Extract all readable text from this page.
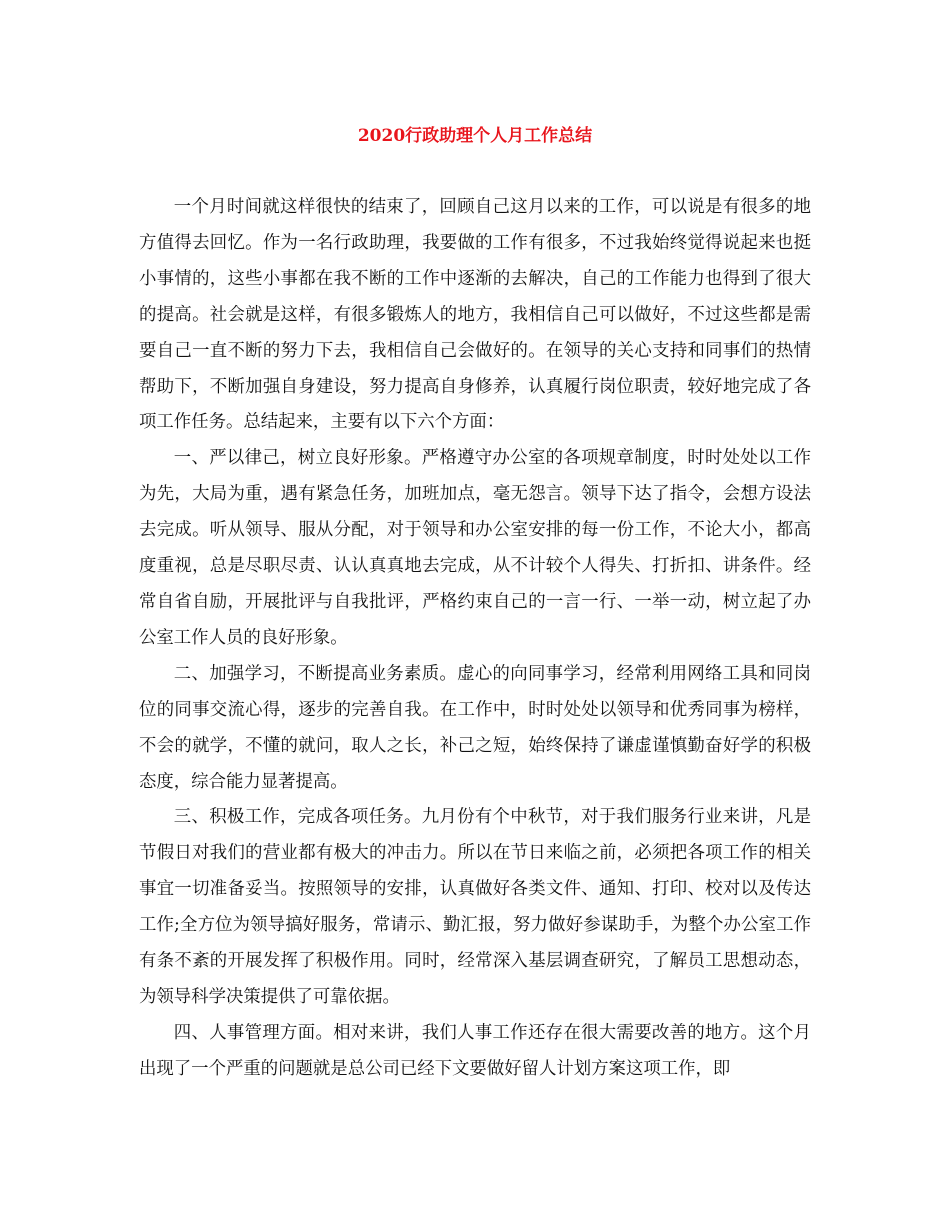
2020行政助理个人月工作总结

一个月时间就这样很快的结束了，回顾自己这月以来的工作，可以说是有很多的地方值得去回忆。作为一名行政助理，我要做的工作有很多，不过我始终觉得说起来也挺小事情的，这些小事都在我不断的工作中逐渐的去解决，自己的工作能力也得到了很大的提高。社会就是这样，有很多锻炼人的地方，我相信自己可以做好，不过这些都是需要自己一直不断的努力下去，我相信自己会做好的。在领导的关心支持和同事们的热情帮助下，不断加强自身建设，努力提高自身修养，认真履行岗位职责，较好地完成了各项工作任务。总结起来，主要有以下六个方面：

一、严以律己，树立良好形象。严格遵守办公室的各项规章制度，时时处处以工作为先，大局为重，遇有紧急任务，加班加点，毫无怨言。领导下达了指令，会想方设法去完成。听从领导、服从分配，对于领导和办公室安排的每一份工作，不论大小，都高度重视，总是尽职尽责、认认真真地去完成，从不计较个人得失、打折扣、讲条件。经常自省自励，开展批评与自我批评，严格约束自己的一言一行、一举一动，树立起了办公室工作人员的良好形象。

二、加强学习，不断提高业务素质。虚心的向同事学习，经常利用网络工具和同岗位的同事交流心得，逐步的完善自我。在工作中，时时处处以领导和优秀同事为榜样，不会的就学，不懂的就问，取人之长，补己之短，始终保持了谦虚谨慎勤奋好学的积极态度，综合能力显著提高。

三、积极工作，完成各项任务。九月份有个中秋节，对于我们服务行业来讲，凡是节假日对我们的营业都有极大的冲击力。所以在节日来临之前，必须把各项工作的相关事宜一切准备妥当。按照领导的安排，认真做好各类文件、通知、打印、校对以及传达工作;全方位为领导搞好服务，常请示、勤汇报，努力做好参谋助手，为整个办公室工作有条不紊的开展发挥了积极作用。同时，经常深入基层调查研究，了解员工思想动态，为领导科学决策提供了可靠依据。

四、人事管理方面。相对来讲，我们人事工作还存在很大需要改善的地方。这个月出现了一个严重的问题就是总公司已经下文要做好留人计划方案这项工作，即
